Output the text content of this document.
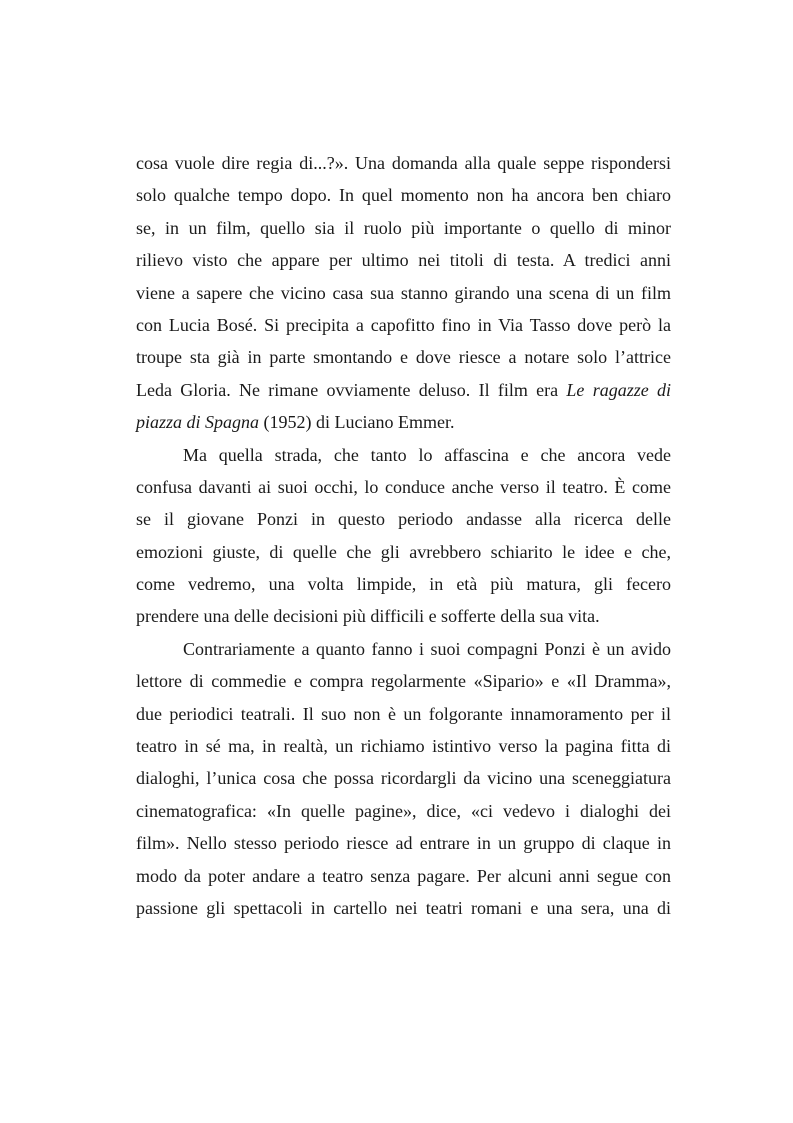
cosa vuole dire regia di...?». Una domanda alla quale seppe rispondersi
solo qualche tempo dopo. In quel momento non ha ancora ben chiaro
se, in un film, quello sia il ruolo più importante o quello di minor
rilievo visto che appare per ultimo nei titoli di testa. A tredici anni
viene a sapere che vicino casa sua stanno girando una scena di un film
con Lucia Bosé. Si precipita a capofitto fino in Via Tasso dove però la
troupe sta già in parte smontando e dove riesce a notare solo l’attrice
Leda Gloria. Ne rimane ovviamente deluso. Il film era Le ragazze di
piazza di Spagna (1952) di Luciano Emmer.
Ma quella strada, che tanto lo affascina e che ancora vede
confusa davanti ai suoi occhi, lo conduce anche verso il teatro. È come
se il giovane Ponzi in questo periodo andasse alla ricerca delle
emozioni giuste, di quelle che gli avrebbero schiarito le idee e che,
come vedremo, una volta limpide, in età più matura, gli fecero
prendere una delle decisioni più difficili e sofferte della sua vita.
Contrariamente a quanto fanno i suoi compagni Ponzi è un avido
lettore di commedie e compra regolarmente «Sipario» e «Il Dramma»,
due periodici teatrali. Il suo non è un folgorante innamoramento per il
teatro in sé ma, in realtà, un richiamo istintivo verso la pagina fitta di
dialoghi, l’unica cosa che possa ricordargli da vicino una sceneggiatura
cinematografica: «In quelle pagine», dice, «ci vedevo i dialoghi dei
film». Nello stesso periodo riesce ad entrare in un gruppo di claque in
modo da poter andare a teatro senza pagare. Per alcuni anni segue con
passione gli spettacoli in cartello nei teatri romani e una sera, una di
